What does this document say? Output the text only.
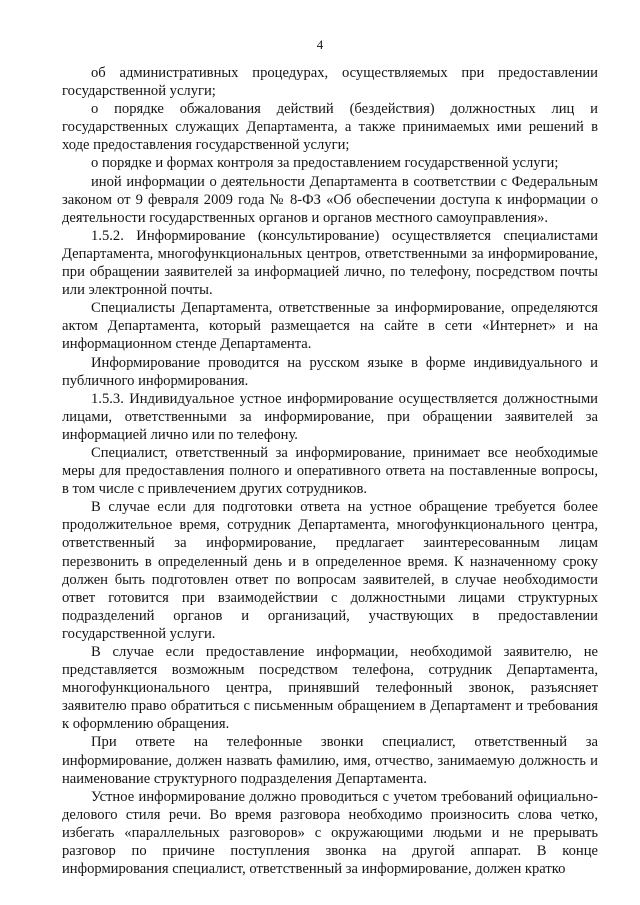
4

об административных процедурах, осуществляемых при предоставлении государственной услуги;

о порядке обжалования действий (бездействия) должностных лиц и государственных служащих Департамента, а также принимаемых ими решений в ходе предоставления государственной услуги;

о порядке и формах контроля за предоставлением государственной услуги;

иной информации о деятельности Департамента в соответствии с Федеральным законом от 9 февраля 2009 года № 8-ФЗ «Об обеспечении доступа к информации о деятельности государственных органов и органов местного самоуправления».

1.5.2. Информирование (консультирование) осуществляется специалистами Департамента, многофункциональных центров, ответственными за информирование, при обращении заявителей за информацией лично, по телефону, посредством почты или электронной почты.

Специалисты Департамента, ответственные за информирование, определяются актом Департамента, который размещается на сайте в сети «Интернет» и на информационном стенде Департамента.

Информирование проводится на русском языке в форме индивидуального и публичного информирования.

1.5.3. Индивидуальное устное информирование осуществляется должностными лицами, ответственными за информирование, при обращении заявителей за информацией лично или по телефону.

Специалист, ответственный за информирование, принимает все необходимые меры для предоставления полного и оперативного ответа на поставленные вопросы, в том числе с привлечением других сотрудников.

В случае если для подготовки ответа на устное обращение требуется более продолжительное время, сотрудник Департамента, многофункционального центра, ответственный за информирование, предлагает заинтересованным лицам перезвонить в определенный день и в определенное время. К назначенному сроку должен быть подготовлен ответ по вопросам заявителей, в случае необходимости ответ готовится при взаимодействии с должностными лицами структурных подразделений органов и организаций, участвующих в предоставлении государственной услуги.

В случае если предоставление информации, необходимой заявителю, не представляется возможным посредством телефона, сотрудник Департамента, многофункционального центра, принявший телефонный звонок, разъясняет заявителю право обратиться с письменным обращением в Департамент и требования к оформлению обращения.

При ответе на телефонные звонки специалист, ответственный за информирование, должен назвать фамилию, имя, отчество, занимаемую должность и наименование структурного подразделения Департамента.

Устное информирование должно проводиться с учетом требований официально-делового стиля речи. Во время разговора необходимо произносить слова четко, избегать «параллельных разговоров» с окружающими людьми и не прерывать разговор по причине поступления звонка на другой аппарат. В конце информирования специалист, ответственный за информирование, должен кратко
